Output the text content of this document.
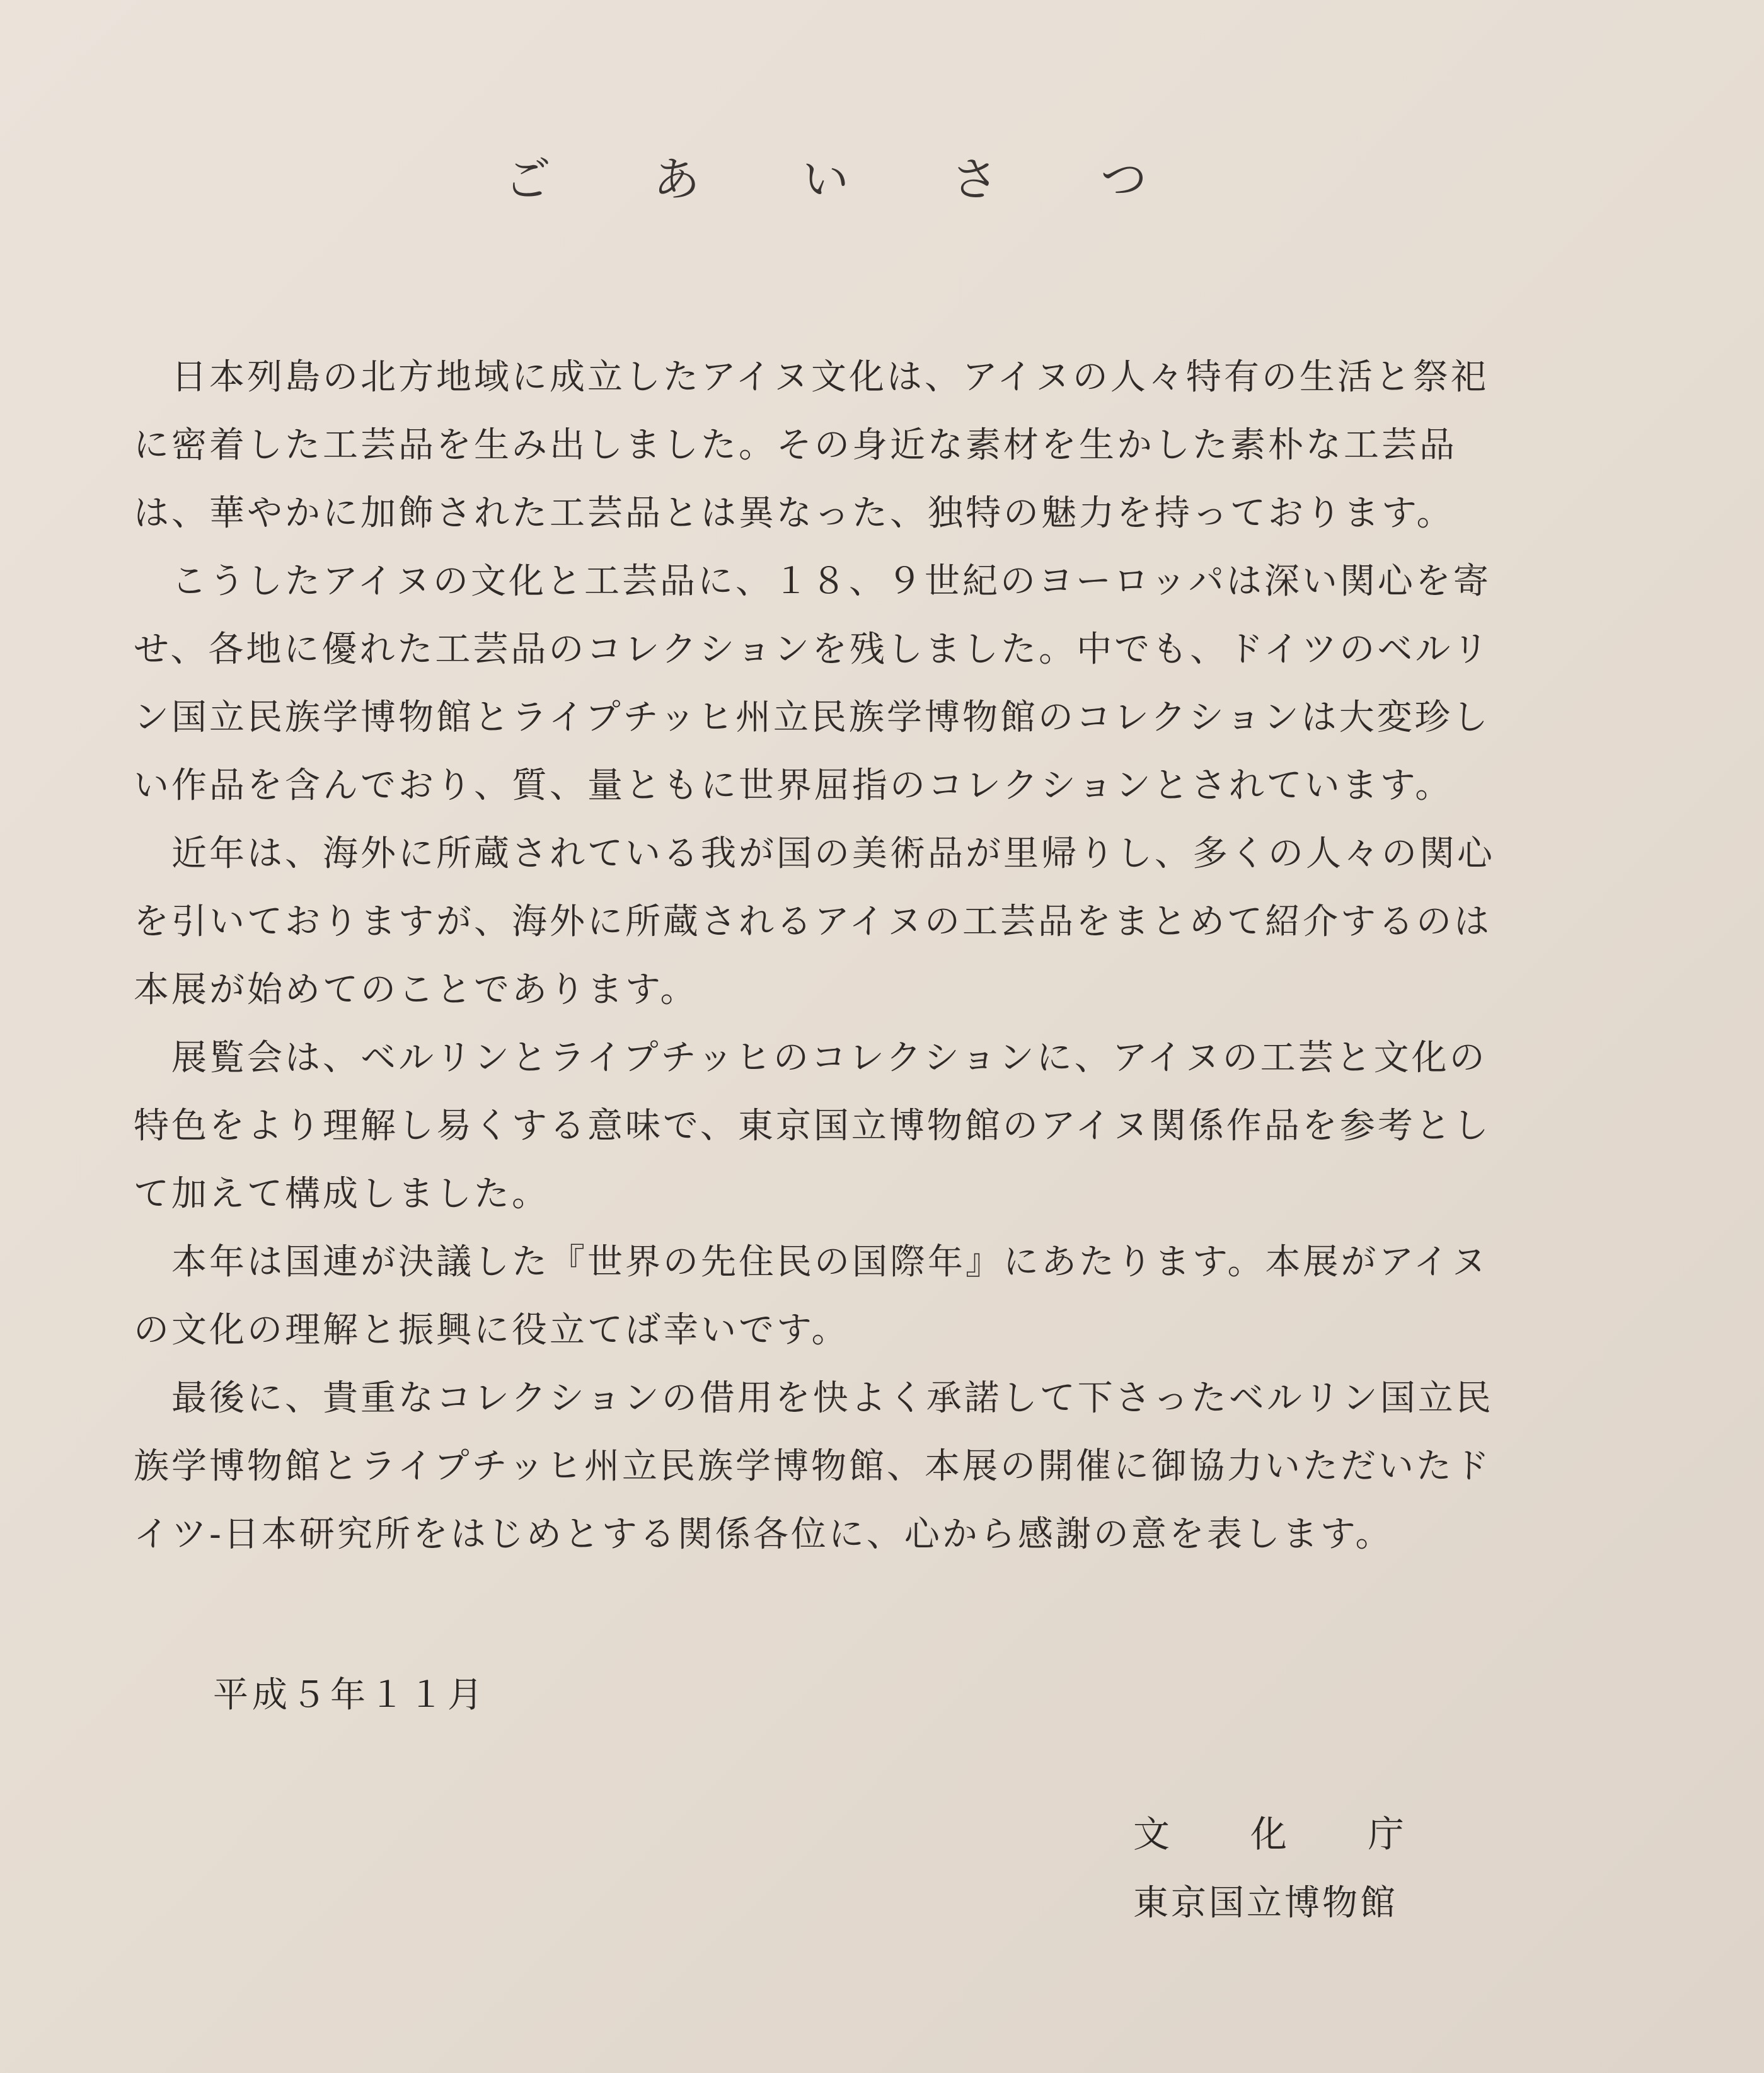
ご あ い さ つ

日本列島の北方地域に成立したアイヌ文化は、アイヌの人々特有の生活と祭祀に密着した工芸品を生み出しました。その身近な素材を生かした素朴な工芸品は、華やかに加飾された工芸品とは異なった、独特の魅力を持っております。

こうしたアイヌの文化と工芸品に、１８、９世紀のヨーロッパは深い関心を寄せ、各地に優れた工芸品のコレクションを残しました。中でも、ドイツのベルリン国立民族学博物館とライプチッヒ州立民族学博物館のコレクションは大変珍しい作品を含んでおり、質、量ともに世界屈指のコレクションとされています。

近年は、海外に所蔵されている我が国の美術品が里帰りし、多くの人々の関心を引いておりますが、海外に所蔵されるアイヌの工芸品をまとめて紹介するのは本展が始めてのことであります。

展覧会は、ベルリンとライプチッヒのコレクションに、アイヌの工芸と文化の特色をより理解し易くする意味で、東京国立博物館のアイヌ関係作品を参考として加えて構成しました。

本年は国連が決議した『世界の先住民の国際年』にあたります。本展がアイヌの文化の理解と振興に役立てば幸いです。

最後に、貴重なコレクションの借用を快よく承諾して下さったベルリン国立民族学博物館とライプチッヒ州立民族学博物館、本展の開催に御協力いただいたドイツ-日本研究所をはじめとする関係各位に、心から感謝の意を表します。

平成５年１１月

文 化 庁

東京国立博物館
